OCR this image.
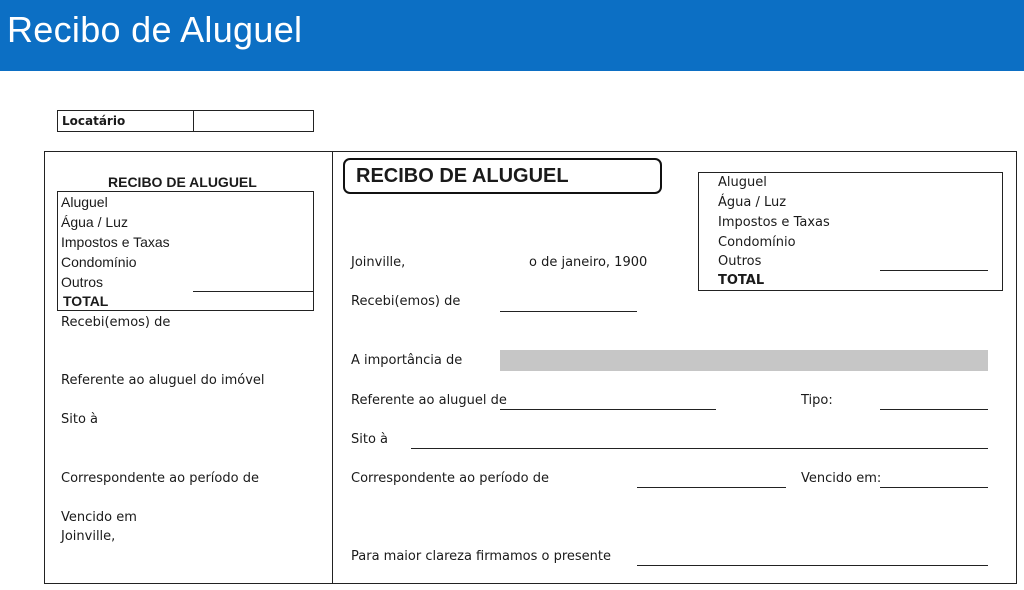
Recibo de Aluguel
Locatário
RECIBO DE ALUGUEL
Aluguel
Água / Luz
Impostos e Taxas
Condomínio
Outros
TOTAL
Recebi(emos) de
Referente ao aluguel do imóvel
Sito à
Correspondente ao período de
Vencido em
Joinville,
RECIBO DE ALUGUEL	Aluguel
Água / Luz
Impostos e Taxas
Condomínio
Outros
TOTAL
Joinville,	o de janeiro, 1900
Recebi(emos) de
A importância de
Referente ao aluguel de	Tipo:
Sito à
Correspondente ao período de	Vencido em:
Para maior clareza firmamos o presente
